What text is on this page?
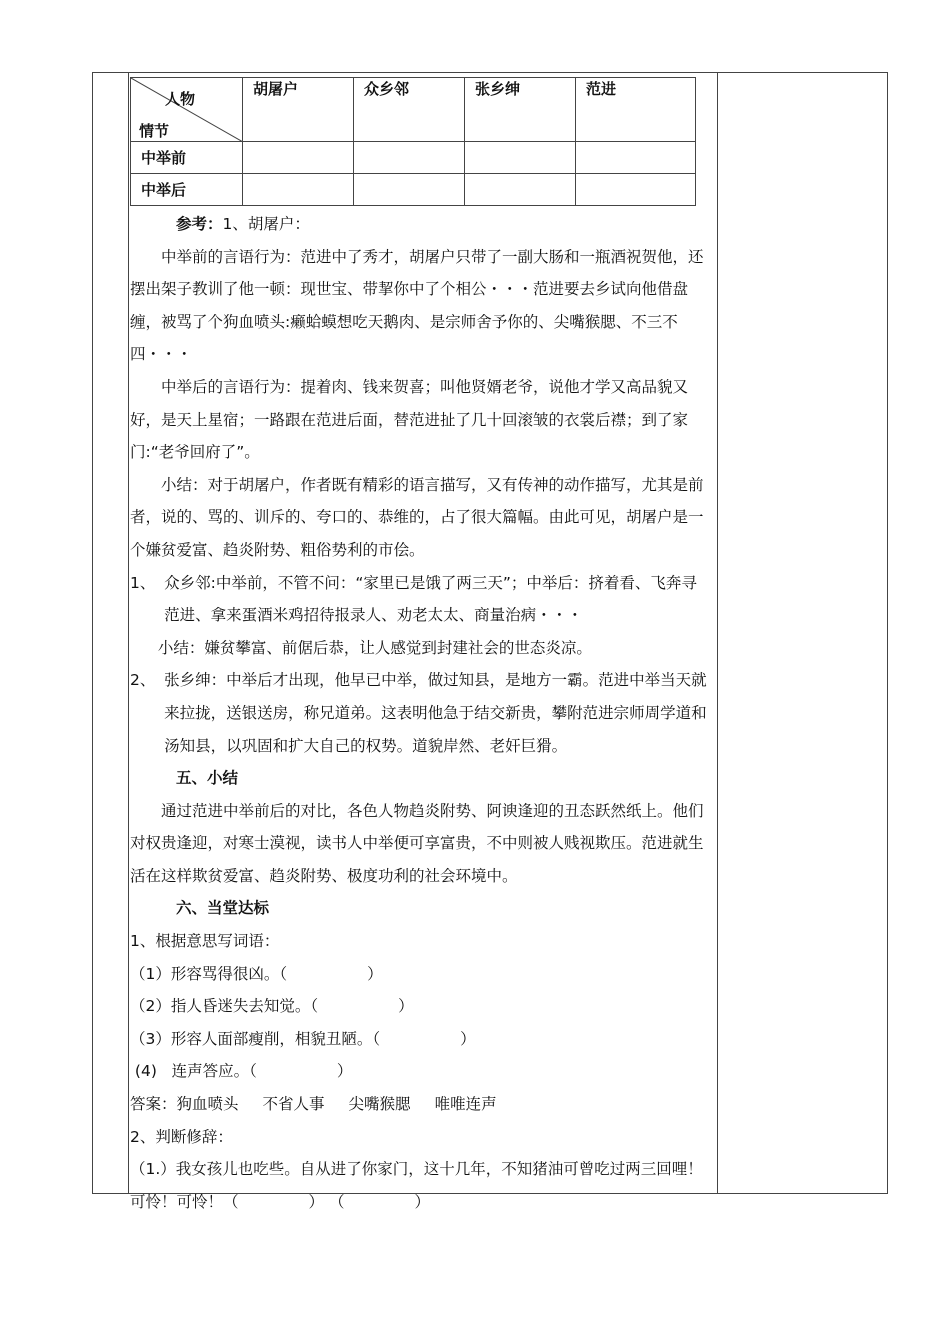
人物
情节	胡屠户	众乡邻	张乡绅	范进
中举前				
中举后				

参考：1、胡屠户：

中举前的言语行为：范进中了秀才，胡屠户只带了一副大肠和一瓶酒祝贺他，还摆出架子教训了他一顿：现世宝、带挈你中了个相公・・・范进要去乡试向他借盘缠，被骂了个狗血喷头:癞蛤蟆想吃天鹅肉、是宗师舍予你的、尖嘴猴腮、不三不四・・・

中举后的言语行为：提着肉、钱来贺喜；叫他贤婿老爷，说他才学又高品貌又好，是天上星宿；一路跟在范进后面，替范进扯了几十回滚皱的衣裳后襟；到了家门:“老爷回府了”。

小结：对于胡屠户，作者既有精彩的语言描写，又有传神的动作描写，尤其是前者，说的、骂的、训斥的、夸口的、恭维的，占了很大篇幅。由此可见，胡屠户是一个嫌贫爱富、趋炎附势、粗俗势利的市侩。

1、 众乡邻:中举前，不管不问：“家里已是饿了两三天”；中举后：挤着看、飞奔寻范进、拿来蛋酒米鸡招待报录人、劝老太太、商量治病・・・

小结：嫌贫攀富、前倨后恭，让人感觉到封建社会的世态炎凉。

2、 张乡绅：中举后才出现，他早已中举，做过知县，是地方一霸。范进中举当天就来拉拢，送银送房，称兄道弟。这表明他急于结交新贵，攀附范进宗师周学道和汤知县，以巩固和扩大自己的权势。道貌岸然、老奸巨猾。

五、小结

通过范进中举前后的对比，各色人物趋炎附势、阿谀逢迎的丑态跃然纸上。他们对权贵逢迎，对寒士漠视，读书人中举便可享富贵，不中则被人贱视欺压。范进就生活在这样欺贫爱富、趋炎附势、极度功利的社会环境中。

六、当堂达标

1、根据意思写词语：

（1）形容骂得很凶。（	）

（2）指人昏迷失去知觉。（	）

（3）形容人面部瘦削，相貌丑陋。（	）

(4)   连声答应。（	）

答案：狗血喷头 不省人事 尖嘴猴腮 唯唯连声

2、判断修辞：

（1.）我女孩儿也吃些。自从进了你家门，这十几年，不知猪油可曾吃过两三回哩！可怜！可怜！（	） （	）
